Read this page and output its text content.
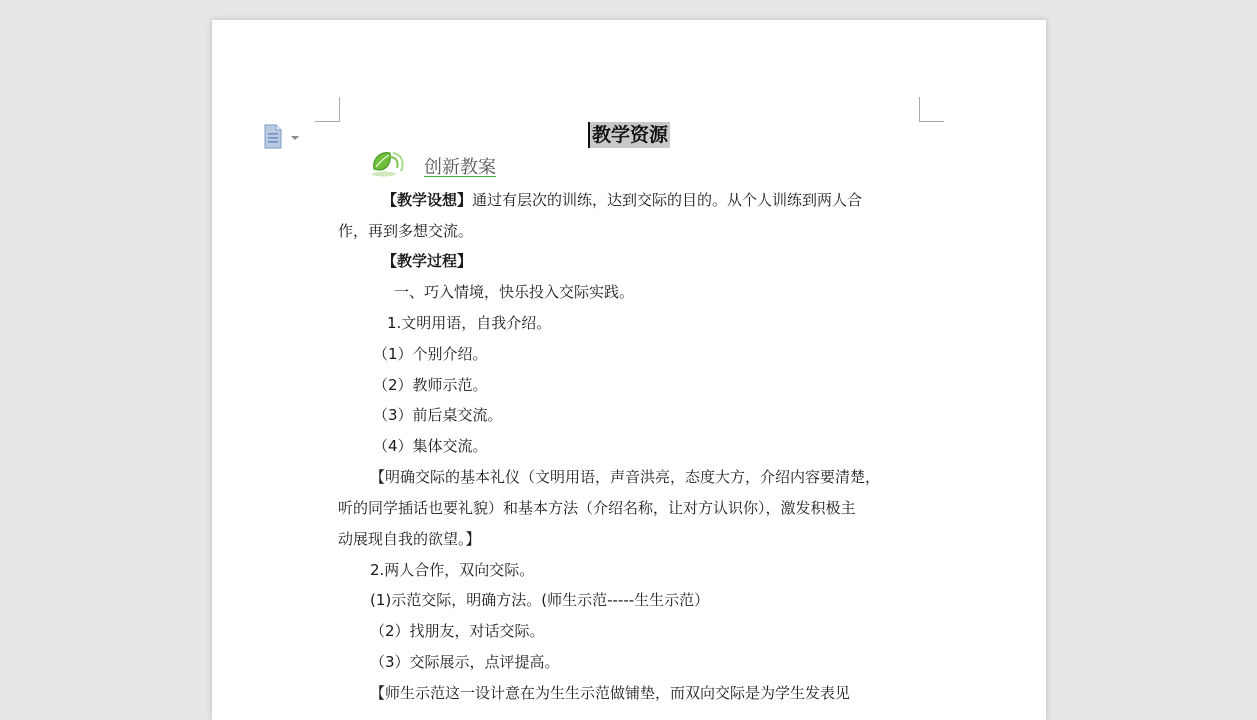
教学资源
创新教案
【教学设想】通过有层次的训练，达到交际的目的。从个人训练到两人合
作，再到多想交流。
【教学过程】
一、巧入情境，快乐投入交际实践。
1.文明用语，自我介绍。
（1）个别介绍。
（2）教师示范。
（3）前后桌交流。
（4）集体交流。
【明确交际的基本礼仪（文明用语，声音洪亮，态度大方，介绍内容要清楚，
听的同学插话也要礼貌）和基本方法（介绍名称，让对方认识你），激发积极主
动展现自我的欲望。】
2.两人合作，双向交际。
(1)示范交际，明确方法。(师生示范-----生生示范）
（2）找朋友，对话交际。
（3）交际展示，点评提高。
【师生示范这一设计意在为生生示范做铺垫，而双向交际是为学生发表见
